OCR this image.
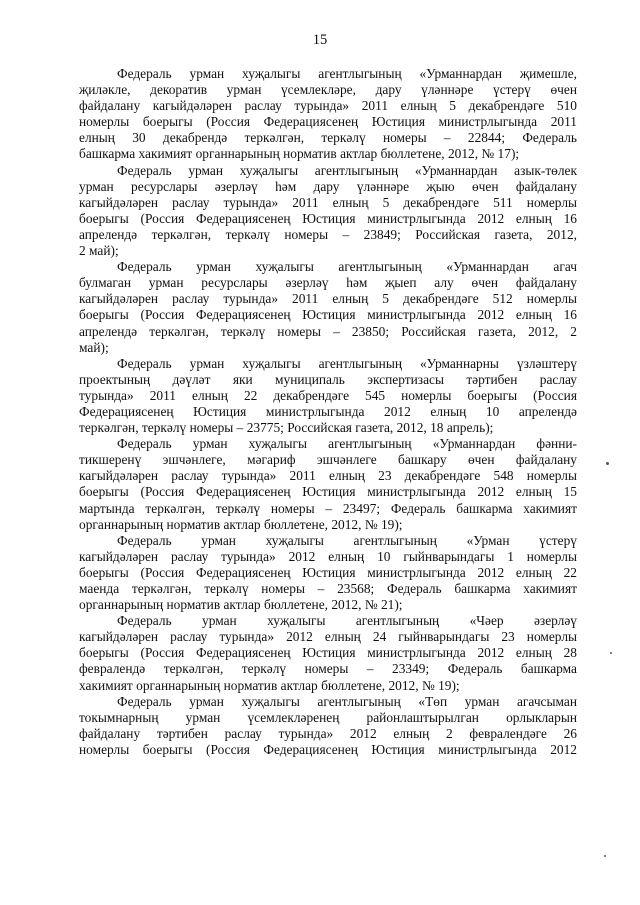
15
Федераль урман хуҗалыгы агентлыгының «Урманнардан җимешле,
җиләкле, декоратив урман үсемлекләре, дару үләннәре үстерү өчен
файдалану кагыйдәләрен раслау турында» 2011 елның 5 декабрендәге 510
номерлы боерыгы (Россия Федерациясенең Юстиция министрлыгында 2011
елның 30 декабрендә теркәлгән, теркәлү номеры – 22844; Федераль
башкарма хакимият органнарының норматив актлар бюллетене, 2012, № 17);
Федераль урман хуҗалыгы агентлыгының «Урманнардан азык-төлек
урман ресурслары әзерләү һәм дару үләннәре җыю өчен файдалану
кагыйдәләрен раслау турында» 2011 елның 5 декабрендәге 511 номерлы
боерыгы (Россия Федерациясенең Юстиция министрлыгында 2012 елның 16
апрелендә теркәлгән, теркәлү номеры – 23849; Российская газета, 2012,
2 май);
Федераль урман хуҗалыгы агентлыгының «Урманнардан агач
булмаган урман ресурслары әзерләү һәм җыеп алу өчен файдалану
кагыйдәләрен раслау турында» 2011 елның 5 декабрендәге 512 номерлы
боерыгы (Россия Федерациясенең Юстиция министрлыгында 2012 елның 16
апрелендә теркәлгән, теркәлү номеры – 23850; Российская газета, 2012, 2
май);
Федераль урман хуҗалыгы агентлыгының «Урманнарны үзләштерү
проектының дәүләт яки муниципаль экспертизасы тәртибен раслау
турында» 2011 елның 22 декабрендәге 545 номерлы боерыгы (Россия
Федерациясенең Юстиция министрлыгында 2012 елның 10 апрелендә
теркәлгән, теркәлү номеры – 23775; Российская газета, 2012, 18 апрель);
Федераль урман хуҗалыгы агентлыгының «Урманнардан фәнни-
тикшеренү эшчәнлеге, мәгариф эшчәнлеге башкару өчен файдалану
кагыйдәләрен раслау турында» 2011 елның 23 декабрендәге 548 номерлы
боерыгы (Россия Федерациясенең Юстиция министрлыгында 2012 елның 15
мартында теркәлгән, теркәлү номеры – 23497; Федераль башкарма хакимият
органнарының норматив актлар бюллетене, 2012, № 19);
Федераль урман хуҗалыгы агентлыгының «Урман үстерү
кагыйдәләрен раслау турында» 2012 елның 10 гыйнварындагы 1 номерлы
боерыгы (Россия Федерациясенең Юстиция министрлыгында 2012 елның 22
маенда теркәлгән, теркәлү номеры – 23568; Федераль башкарма хакимият
органнарының норматив актлар бюллетене, 2012, № 21);
Федераль урман хуҗалыгы агентлыгының «Чәер әзерләү
кагыйдәләрен раслау турында» 2012 елның 24 гыйнварындагы 23 номерлы
боерыгы (Россия Федерациясенең Юстиция министрлыгында 2012 елның 28
февралендә теркәлгән, теркәлү номеры – 23349; Федераль башкарма
хакимият органнарының норматив актлар бюллетене, 2012, № 19);
Федераль урман хуҗалыгы агентлыгының «Төп урман агачсыман
токымнарның урман үсемлекләренең районлаштырылган орлыкларын
файдалану тәртибен раслау турында» 2012 елның 2 февралендәге 26
номерлы боерыгы (Россия Федерациясенең Юстиция министрлыгында 2012
